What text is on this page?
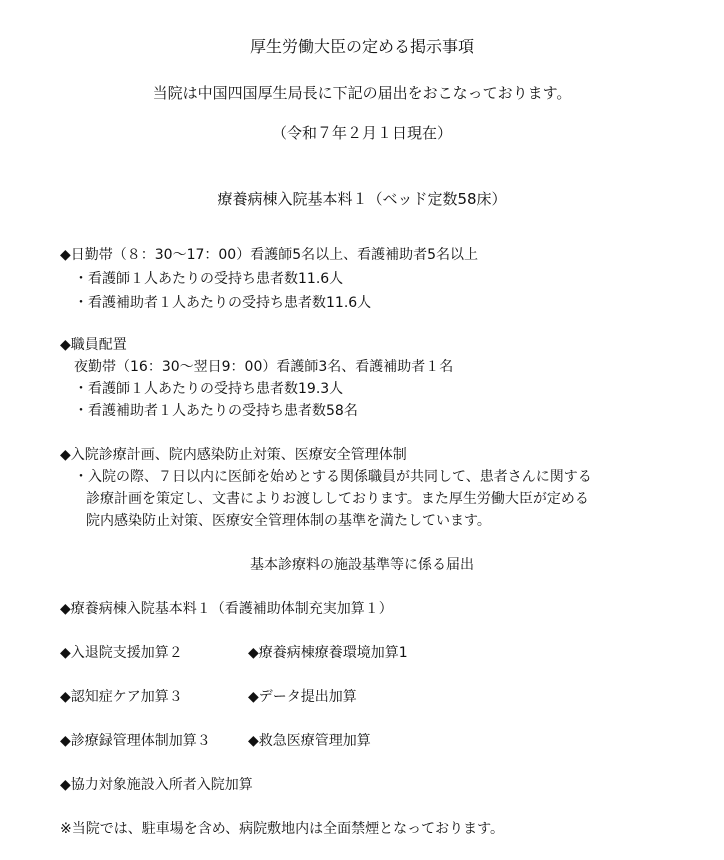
厚生労働大臣の定める掲示事項
当院は中国四国厚生局長に下記の届出をおこなっております。
（令和７年２月１日現在）
療養病棟入院基本料１（ベッド定数58床）
◆日勤帯（８：30〜17：00）看護師5名以上、看護補助者5名以上
・看護師１人あたりの受持ち患者数11.6人
・看護補助者１人あたりの受持ち患者数11.6人
◆職員配置
夜勤帯（16：30〜翌日9：00）看護師3名、看護補助者１名
・看護師１人あたりの受持ち患者数19.3人
・看護補助者１人あたりの受持ち患者数58名
◆入院診療計画、院内感染防止対策、医療安全管理体制
・入院の際、７日以内に医師を始めとする関係職員が共同して、患者さんに関する
診療計画を策定し、文書によりお渡ししております。また厚生労働大臣が定める
院内感染防止対策、医療安全管理体制の基準を満たしています。
基本診療料の施設基準等に係る届出
◆療養病棟入院基本料１（看護補助体制充実加算１）
◆入退院支援加算２	◆療養病棟療養環境加算1
◆認知症ケア加算３	◆データ提出加算
◆診療録管理体制加算３	◆救急医療管理加算
◆協力対象施設入所者入院加算
※当院では、駐車場を含め、病院敷地内は全面禁煙となっております。
